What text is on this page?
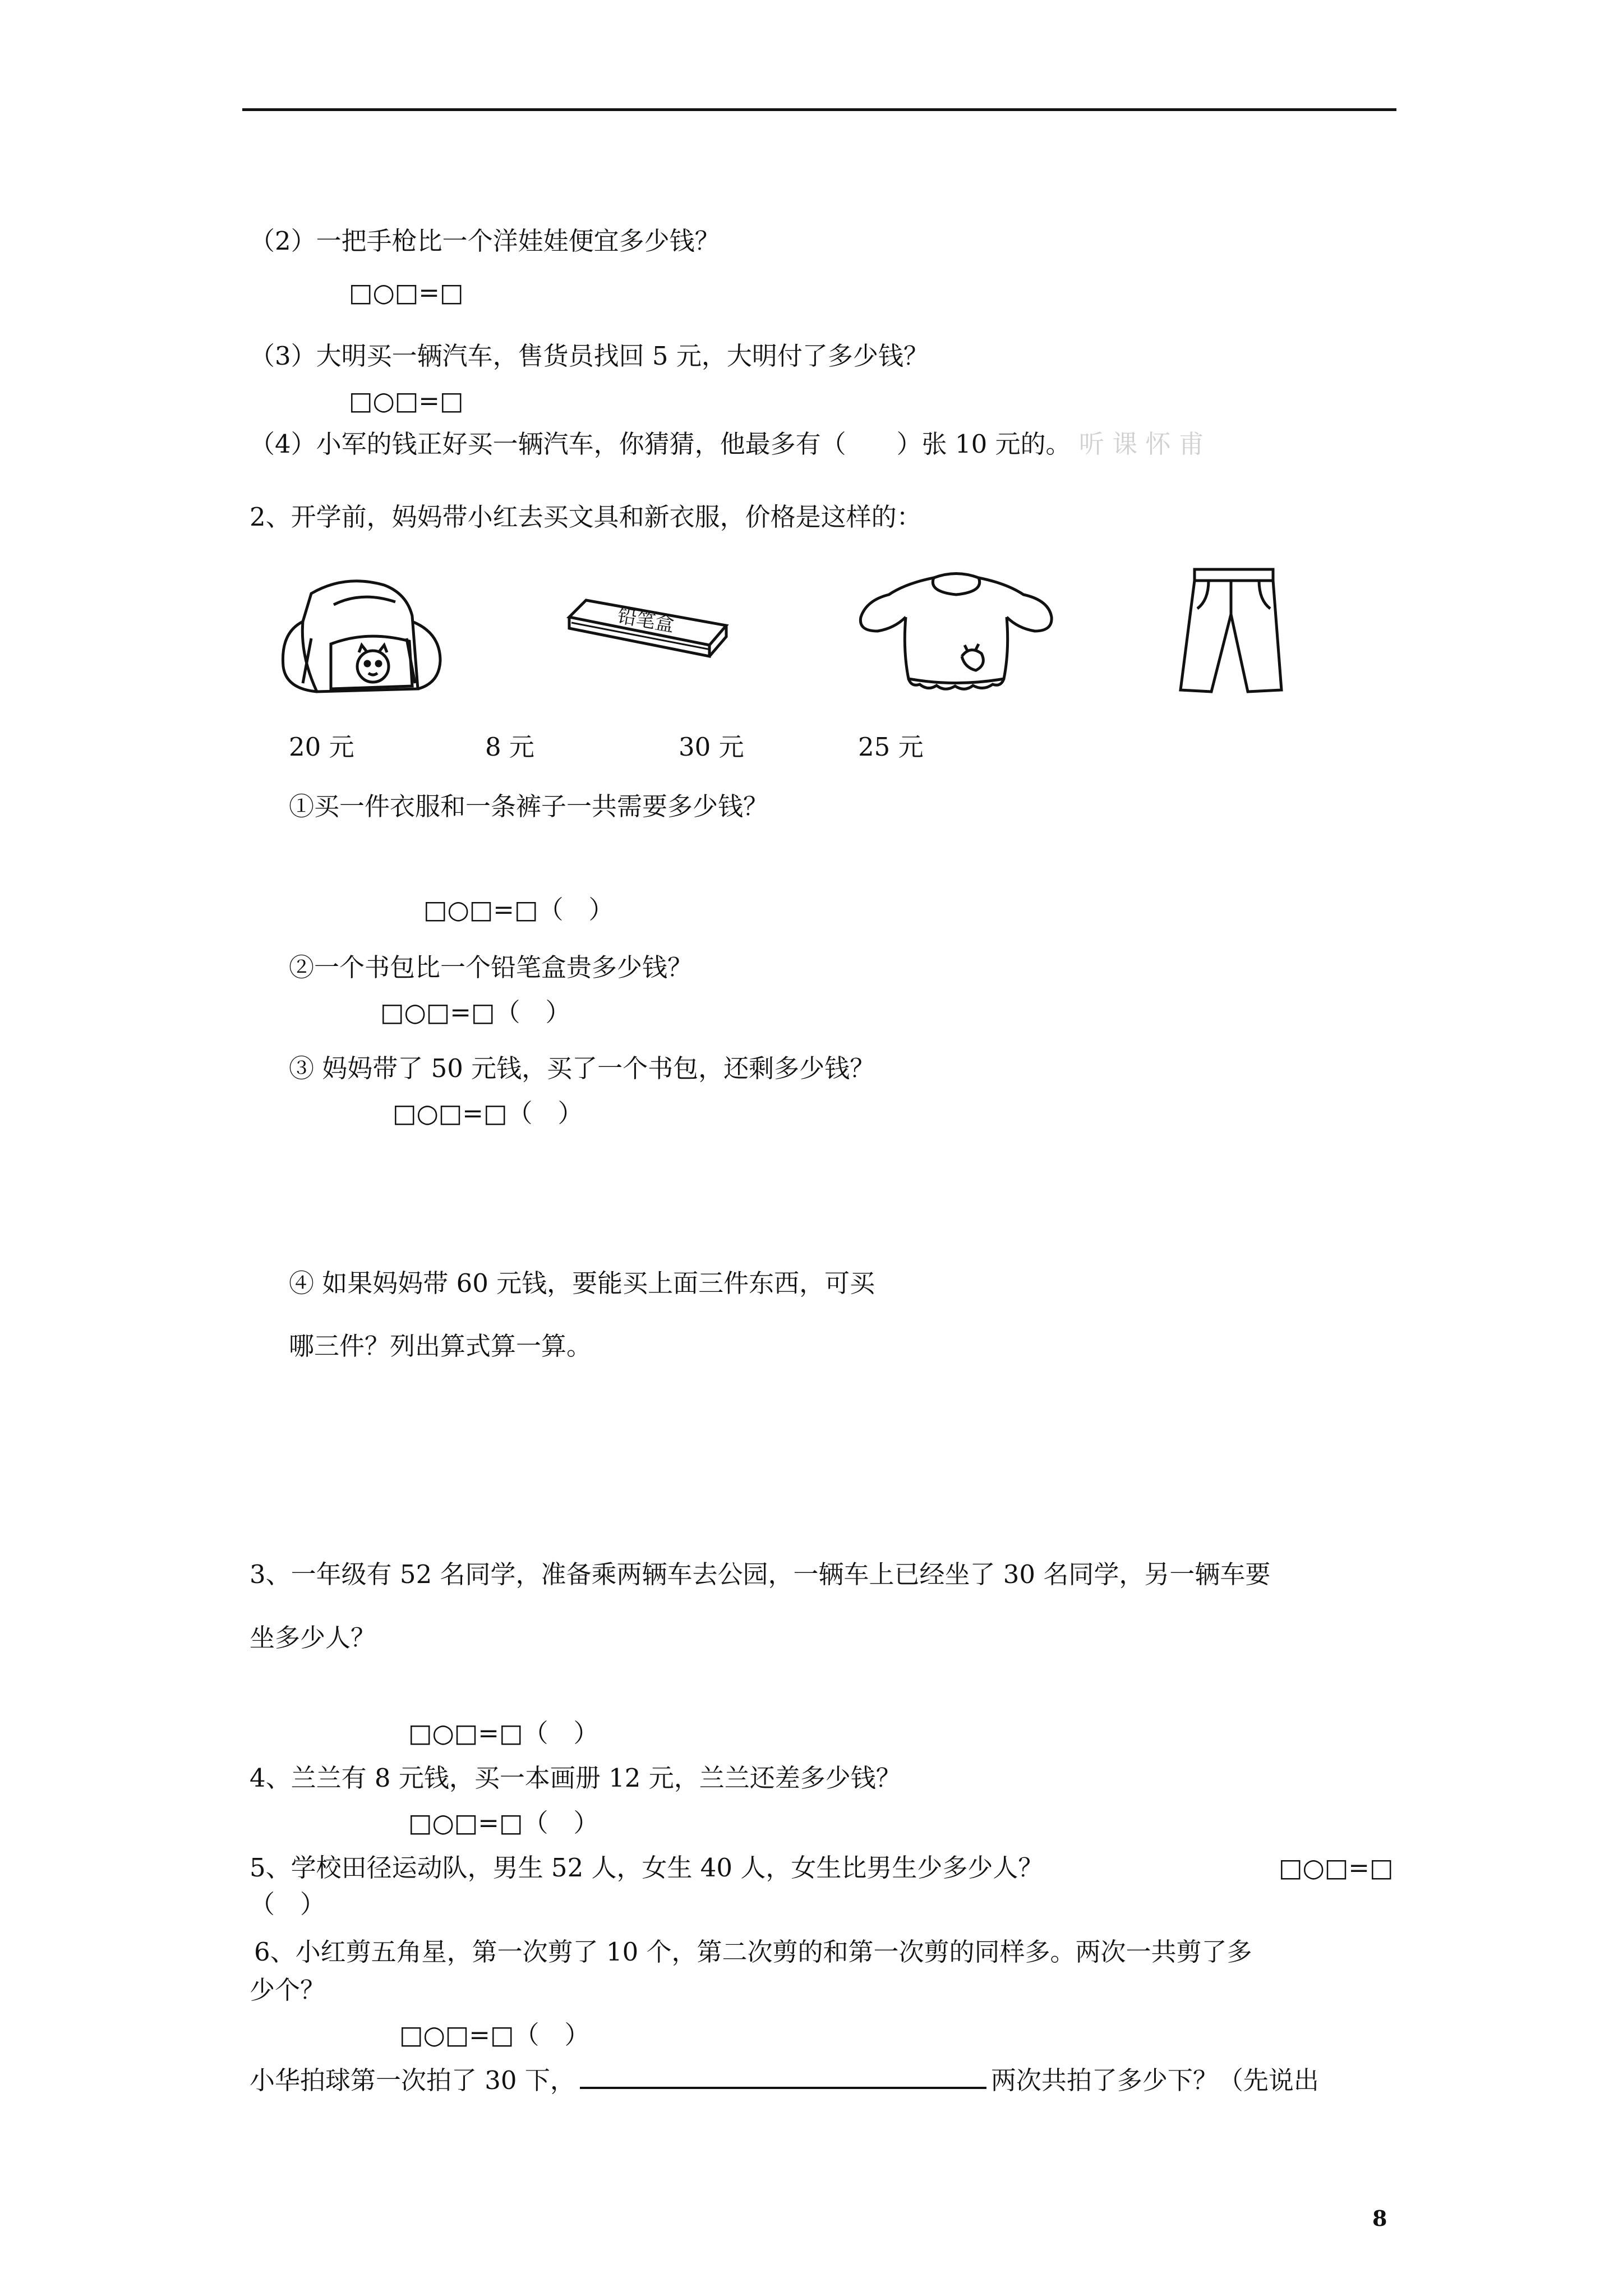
（2）一把手枪比一个洋娃娃便宜多少钱？
□○□=□
（3）大明买一辆汽车，售货员找回 5 元，大明付了多少钱？
□○□=□
（4）小军的钱正好买一辆汽车，你猜猜，他最多有（　　）张 10 元的。 听 课 怀 甫
2、开学前，妈妈带小红去买文具和新衣服，价格是这样的：
铅笔盒
20 元	8 元	30 元	25 元
①买一件衣服和一条裤子一共需要多少钱？
□○□=□（　）
②一个书包比一个铅笔盒贵多少钱？
□○□=□（　）
③ 妈妈带了 50 元钱，买了一个书包，还剩多少钱？
□○□=□（　）
④ 如果妈妈带 60 元钱，要能买上面三件东西，可买
哪三件？列出算式算一算。
3、一年级有 52 名同学，准备乘两辆车去公园，一辆车上已经坐了 30 名同学，另一辆车要
坐多少人？
□○□=□（　）
4、兰兰有 8 元钱，买一本画册 12 元，兰兰还差多少钱？
□○□=□（　）
5、学校田径运动队，男生 52 人，女生 40 人，女生比男生少多少人？	□○□=□
（　）
6、小红剪五角星，第一次剪了 10 个，第二次剪的和第一次剪的同样多。两次一共剪了多
少个？
□○□=□（　）
小华拍球第一次拍了 30 下，	两次共拍了多少下？（先说出
8
